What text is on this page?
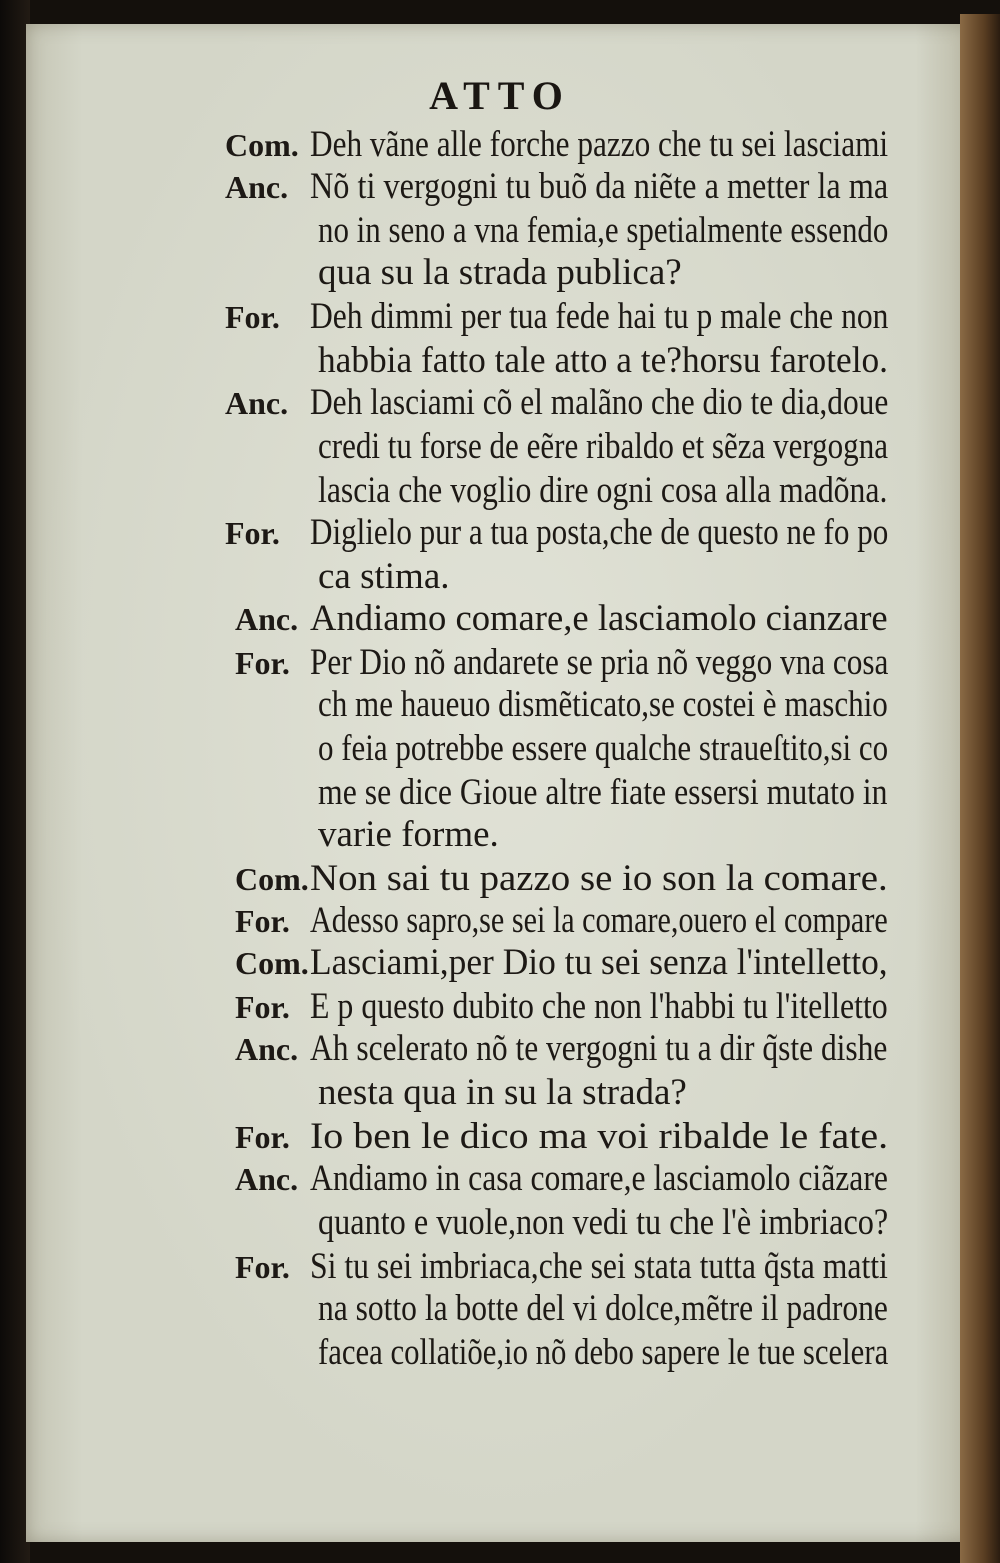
ATTO
Com. Deh vãne alle forche pazzo che tu sei lasciami
Anc. Nõ ti vergogni tu buõ da niẽte a metter la ma
no in seno a vna femia,e spetialmente essendo
qua su la strada publica?
For. Deh dimmi per tua fede hai tu p male che non
habbia fatto tale atto a te?horsu farotelo.
Anc. Deh lasciami cõ el malãno che dio te dia,doue
credi tu forse de eẽre ribaldo et sẽza vergogna
lascia che voglio dire ogni cosa alla madõna.
For. Diglielo pur a tua posta,che de questo ne fo po
ca stima.
Anc. Andiamo comare,e lasciamolo cianzare
For. Per Dio nõ andarete se pria nõ veggo vna cosa
ch me haueuo dismẽticato,se costei è maschio
o feia potrebbe essere qualche straueſtito,si co
me se dice Gioue altre fiate essersi mutato in
varie forme.
Com. Non sai tu pazzo se io son la comare.
For. Adesso sapro,se sei la comare,ouero el compare
Com. Lasciami,per Dio tu sei senza l'intelletto,
For. E p questo dubito che non l'habbi tu l'itelletto
Anc. Ah scelerato nõ te vergogni tu a dir q̃ste dishe
nesta qua in su la strada?
For. Io ben le dico ma voi ribalde le fate.
Anc. Andiamo in casa comare,e lasciamolo ciãzare
quanto e vuole,non vedi tu che l'è imbriaco?
For. Si tu sei imbriaca,che sei stata tutta q̃sta matti
na sotto la botte del vi dolce,mẽtre il padrone
facea collatiõe,io nõ debo sapere le tue scelera
